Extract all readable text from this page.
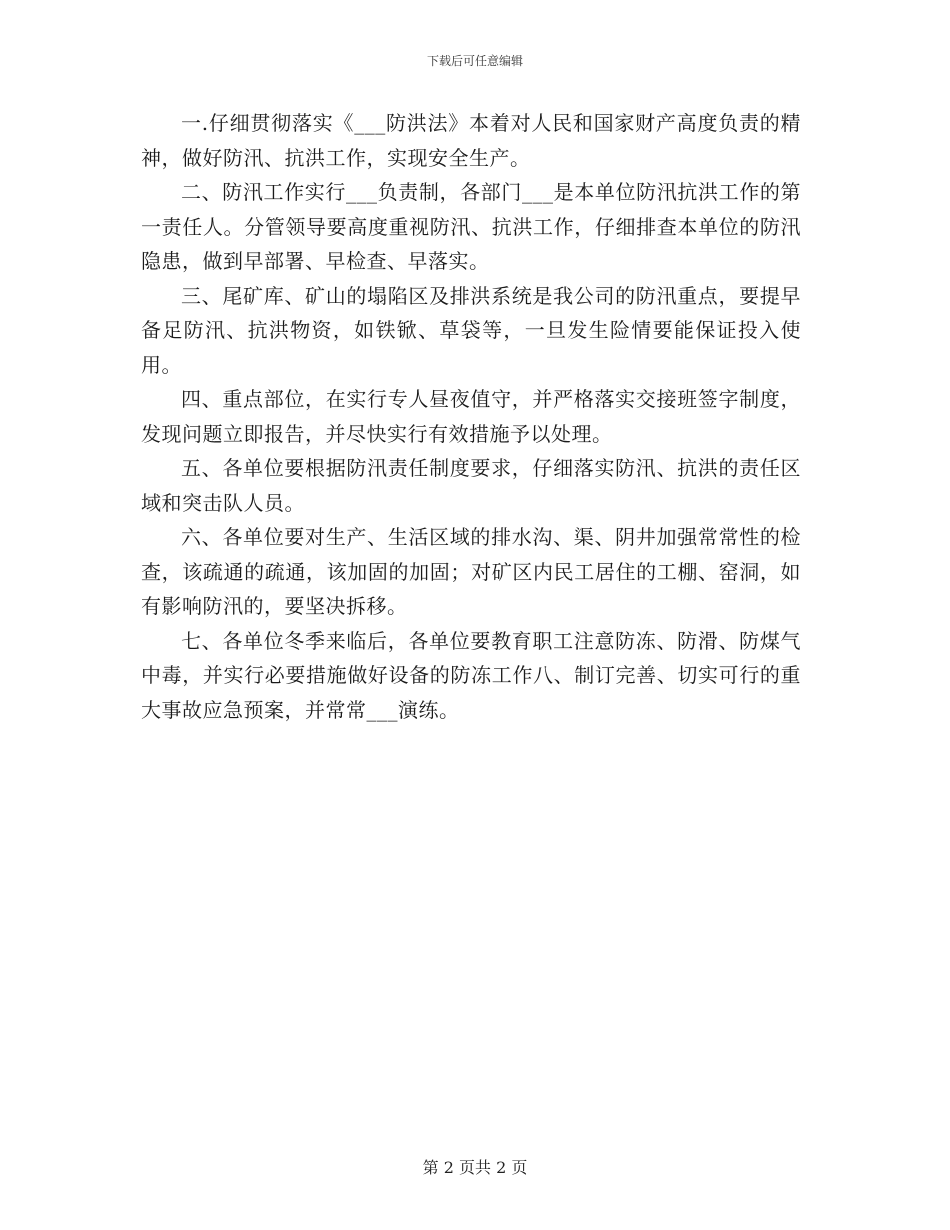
下载后可任意编辑

一.仔细贯彻落实《___防洪法》本着对人民和国家财产高度负责的精神，做好防汛、抗洪工作，实现安全生产。

二、防汛工作实行___负责制，各部门___是本单位防汛抗洪工作的第一责任人。分管领导要高度重视防汛、抗洪工作，仔细排查本单位的防汛隐患，做到早部署、早检查、早落实。

三、尾矿库、矿山的塌陷区及排洪系统是我公司的防汛重点，要提早备足防汛、抗洪物资，如铁锨、草袋等，一旦发生险情要能保证投入使用。

四、重点部位，在实行专人昼夜值守，并严格落实交接班签字制度，发现问题立即报告，并尽快实行有效措施予以处理。

五、各单位要根据防汛责任制度要求，仔细落实防汛、抗洪的责任区域和突击队人员。

六、各单位要对生产、生活区域的排水沟、渠、阴井加强常常性的检查，该疏通的疏通，该加固的加固；对矿区内民工居住的工棚、窑洞，如有影响防汛的，要坚决拆移。

七、各单位冬季来临后，各单位要教育职工注意防冻、防滑、防煤气中毒，并实行必要措施做好设备的防冻工作八、制订完善、切实可行的重大事故应急预案，并常常___演练。

第 2 页共 2 页
